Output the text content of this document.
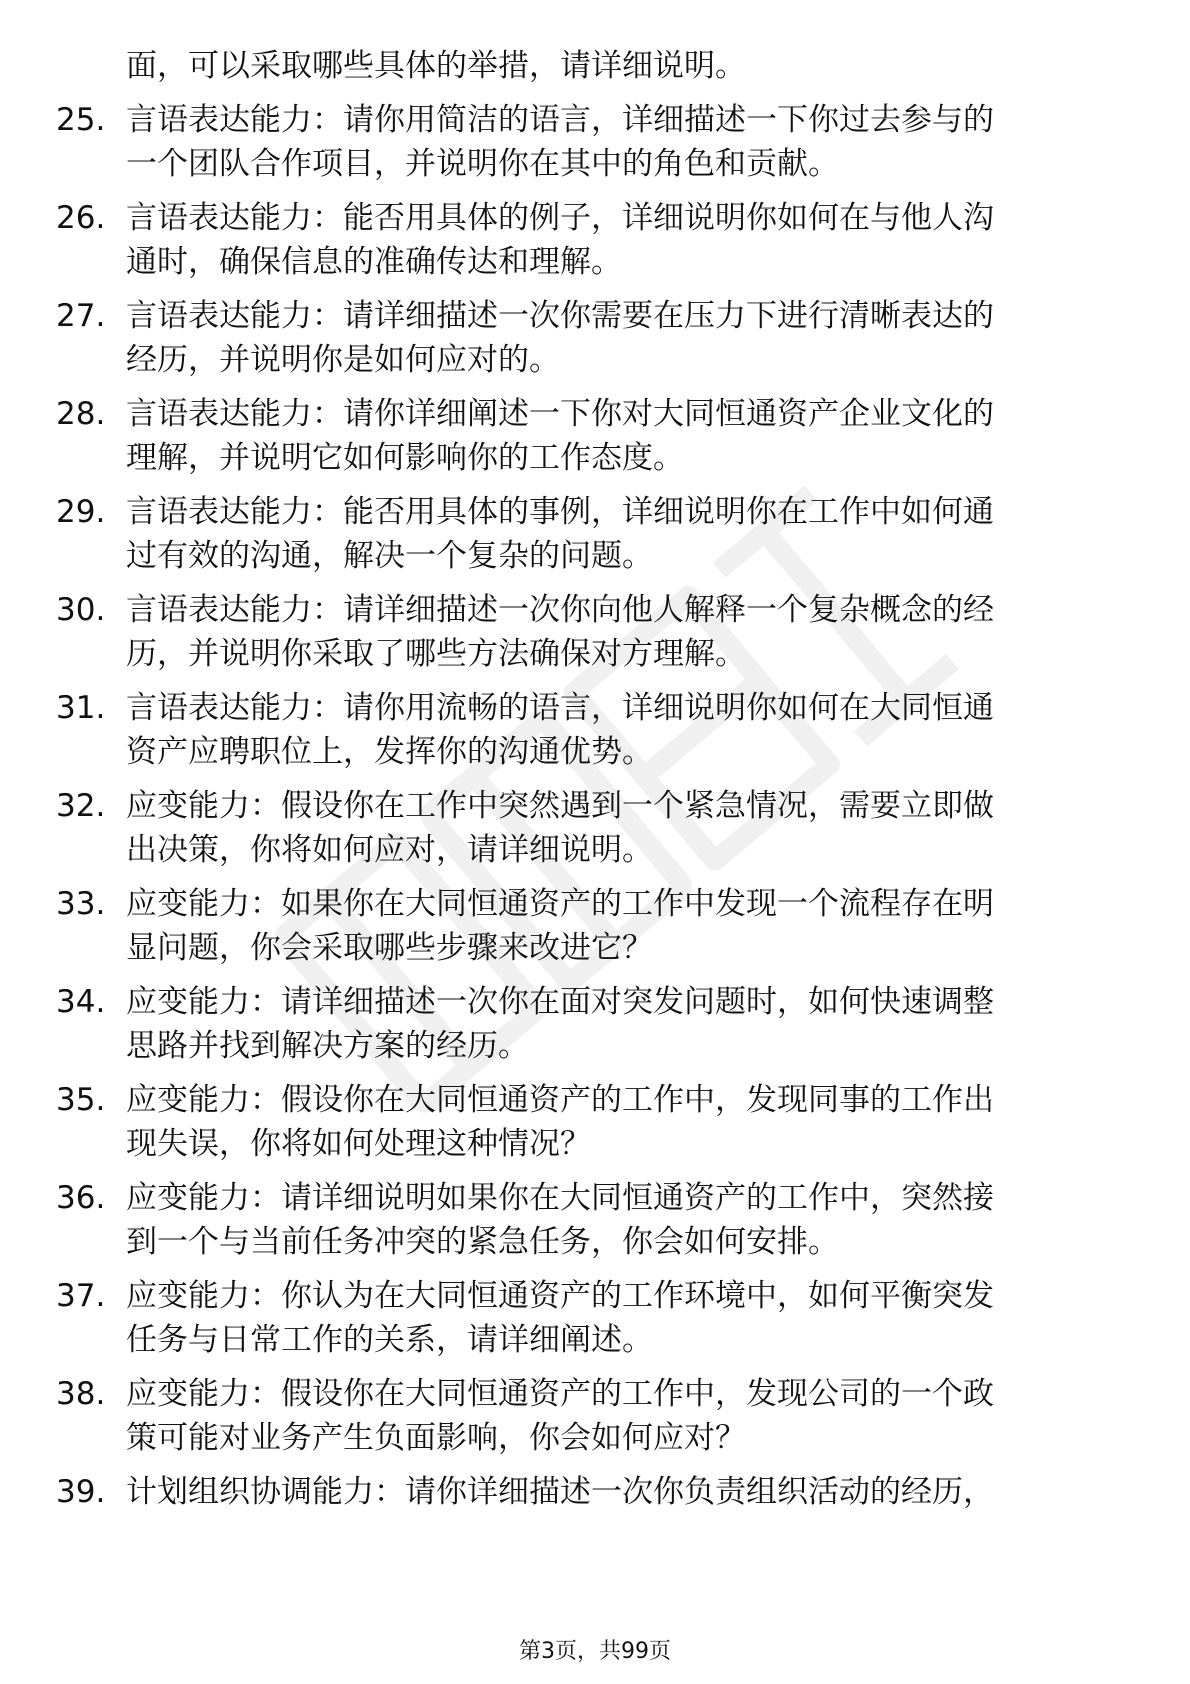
面，可以采取哪些具体的举措，请详细说明。
25. 言语表达能力：请你用简洁的语言，详细描述一下你过去参与的
一个团队合作项目，并说明你在其中的角色和贡献。
26. 言语表达能力：能否用具体的例子，详细说明你如何在与他人沟
通时，确保信息的准确传达和理解。
27. 言语表达能力：请详细描述一次你需要在压力下进行清晰表达的
经历，并说明你是如何应对的。
28. 言语表达能力：请你详细阐述一下你对大同恒通资产企业文化的
理解，并说明它如何影响你的工作态度。
29. 言语表达能力：能否用具体的事例，详细说明你在工作中如何通
过有效的沟通，解决一个复杂的问题。
30. 言语表达能力：请详细描述一次你向他人解释一个复杂概念的经
历，并说明你采取了哪些方法确保对方理解。
31. 言语表达能力：请你用流畅的语言，详细说明你如何在大同恒通
资产应聘职位上，发挥你的沟通优势。
32. 应变能力：假设你在工作中突然遇到一个紧急情况，需要立即做
出决策，你将如何应对，请详细说明。
33. 应变能力：如果你在大同恒通资产的工作中发现一个流程存在明
显问题，你会采取哪些步骤来改进它？
34. 应变能力：请详细描述一次你在面对突发问题时，如何快速调整
思路并找到解决方案的经历。
35. 应变能力：假设你在大同恒通资产的工作中，发现同事的工作出
现失误，你将如何处理这种情况？
36. 应变能力：请详细说明如果你在大同恒通资产的工作中，突然接
到一个与当前任务冲突的紧急任务，你会如何安排。
37. 应变能力：你认为在大同恒通资产的工作环境中，如何平衡突发
任务与日常工作的关系，请详细阐述。
38. 应变能力：假设你在大同恒通资产的工作中，发现公司的一个政
策可能对业务产生负面影响，你会如何应对？
39. 计划组织协调能力：请你详细描述一次你负责组织活动的经历，
第3页，共99页
